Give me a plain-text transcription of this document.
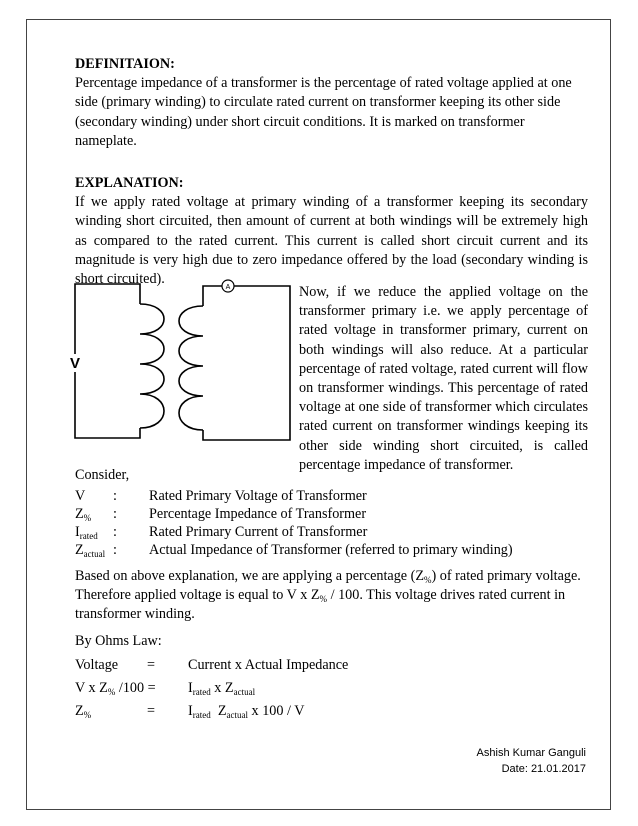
DEFINITAION:
Percentage impedance of a transformer is the percentage of rated voltage applied at one side (primary winding) to circulate rated current on transformer keeping its other side (secondary winding) under short circuit conditions. It is marked on transformer nameplate.
EXPLANATION:
If we apply rated voltage at primary winding of a transformer keeping its secondary winding short circuited, then amount of current at both windings will be extremely high as compared to the rated current. This current is called short circuit current and its magnitude is very high due to zero impedance offered by the load (secondary winding is short circuited).
A
V
Now, if we reduce the applied voltage on the transformer primary i.e. we apply percentage of rated voltage in transformer primary, current on both windings will also reduce. At a particular percentage of rated voltage, rated current will flow on transformer windings. This percentage of rated voltage at one side of transformer which circulates rated current on transformer windings keeping its other side winding short circuited, is called percentage impedance of transformer.
Consider,
V : Rated Primary Voltage of Transformer
$Z_{\%}$ : Percentage Impedance of Transformer
$I_{rated}$ : Rated Primary Current of Transformer
$Z_{actual}$ : Actual Impedance of Transformer (referred to primary winding)
Based on above explanation, we are applying a percentage $(Z_{\%})$ of rated primary voltage. Therefore applied voltage is equal to V x $Z_{\%} / 100$. This voltage drives rated current in transformer winding.
By Ohms Law:
Voltage = Current x Actual Impedance
V x $Z_{\%}$ $/100 = I_{rated}$ x $Z_{actual}$
$Z_{\%}$	= $I_{rated}$  $Z_{actual}$ x 100 / V
Ashish Kumar Ganguli
Date: 21.01.2017
